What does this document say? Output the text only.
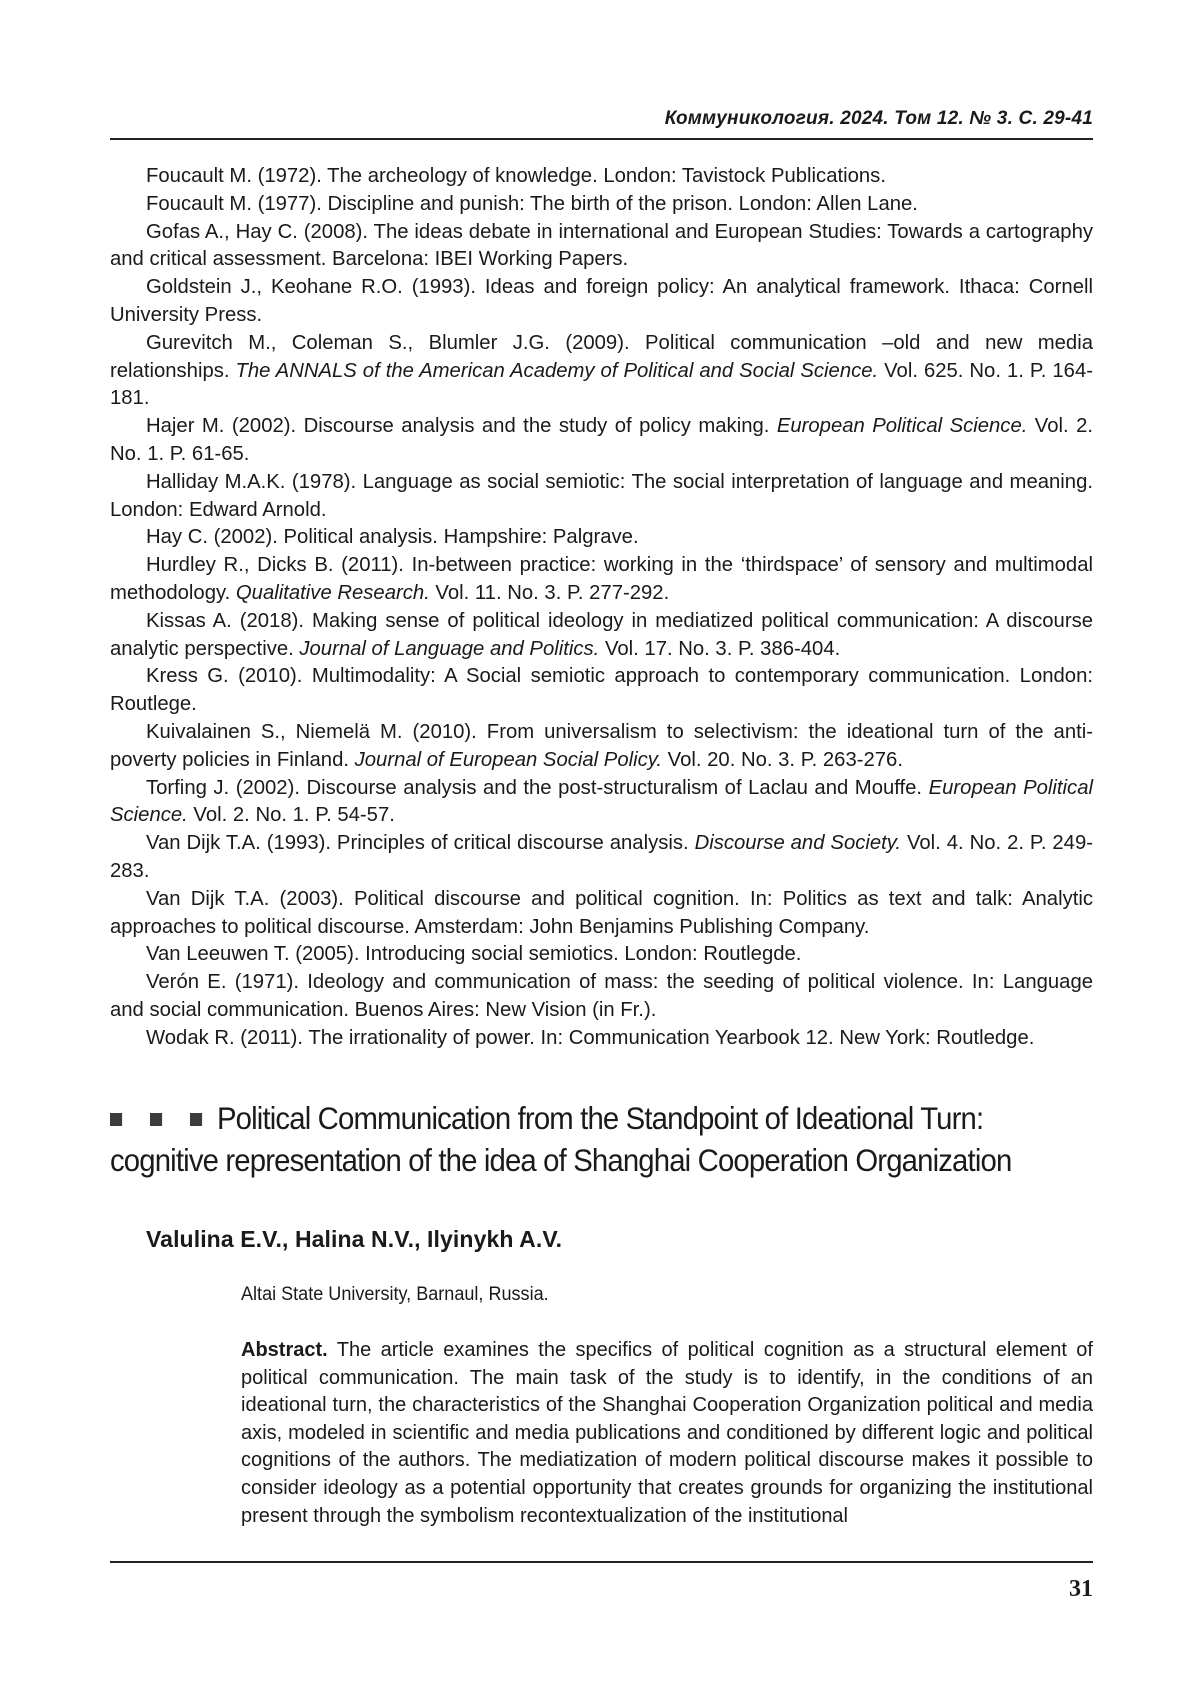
Коммуникология. 2024. Том 12. № 3. С. 29-41

Foucault M. (1972). The archeology of knowledge. London: Tavistock Publications.

Foucault M. (1977). Discipline and punish: The birth of the prison. London: Allen Lane.

Gofas A., Hay C. (2008). The ideas debate in international and European Studies: Towards a cartography and critical assessment. Barcelona: IBEI Working Papers.

Goldstein J., Keohane R.O. (1993). Ideas and foreign policy: An analytical framework. Ithaca: Cornell University Press.

Gurevitch M., Coleman S., Blumler J.G. (2009). Political communication –old and new media relationships. The ANNALS of the American Academy of Political and Social Science. Vol. 625. No. 1. P. 164-181.

Hajer M. (2002). Discourse analysis and the study of policy making. European Political Science. Vol. 2. No. 1. P. 61-65.

Halliday M.A.K. (1978). Language as social semiotic: The social interpretation of language and meaning. London: Edward Arnold.

Hay C. (2002). Political analysis. Hampshire: Palgrave.

Hurdley R., Dicks B. (2011). In-between practice: working in the ‘thirdspace’ of sensory and multimodal methodology. Qualitative Research. Vol. 11. No. 3. P. 277-292.

Kissas A. (2018). Making sense of political ideology in mediatized political communication: A discourse analytic perspective. Journal of Language and Politics. Vol. 17. No. 3. P. 386-404.

Kress G. (2010). Multimodality: A Social semiotic approach to contemporary communication. London: Routlege.

Kuivalainen S., Niemelä M. (2010). From universalism to selectivism: the ideational turn of the anti-poverty policies in Finland. Journal of European Social Policy. Vol. 20. No. 3. P. 263-276.

Torfing J. (2002). Discourse analysis and the post-structuralism of Laclau and Mouffe. European Political Science. Vol. 2. No. 1. P. 54-57.

Van Dijk T.A. (1993). Principles of critical discourse analysis. Discourse and Society. Vol. 4. No. 2. P. 249-283.

Van Dijk T.A. (2003). Political discourse and political cognition. In: Politics as text and talk: Analytic approaches to political discourse. Amsterdam: John Benjamins Publishing Company.

Van Leeuwen T. (2005). Introducing social semiotics. London: Routlegde.

Verón E. (1971). Ideology and communication of mass: the seeding of political violence. In: Language and social communication. Buenos Aires: New Vision (in Fr.).

Wodak R. (2011). The irrationality of power. In: Communication Yearbook 12. New York: Routledge.

Political Communication from the Standpoint of Ideational Turn:
cognitive representation of the idea of Shanghai Cooperation Organization
Valulina E.V., Halina N.V., Ilyinykh A.V.
Altai State University, Barnaul, Russia.

Abstract. The article examines the specifics of political cognition as a structural element of political communication. The main task of the study is to identify, in the conditions of an ideational turn, the characteristics of the Shanghai Cooperation Organization political and media axis, modeled in scientific and media publications and conditioned by different logic and political cognitions of the authors. The mediatization of modern political discourse makes it possible to consider ideology as a potential opportunity that creates grounds for organizing the institutional present through the symbolism recontextualization of the institutional

31
